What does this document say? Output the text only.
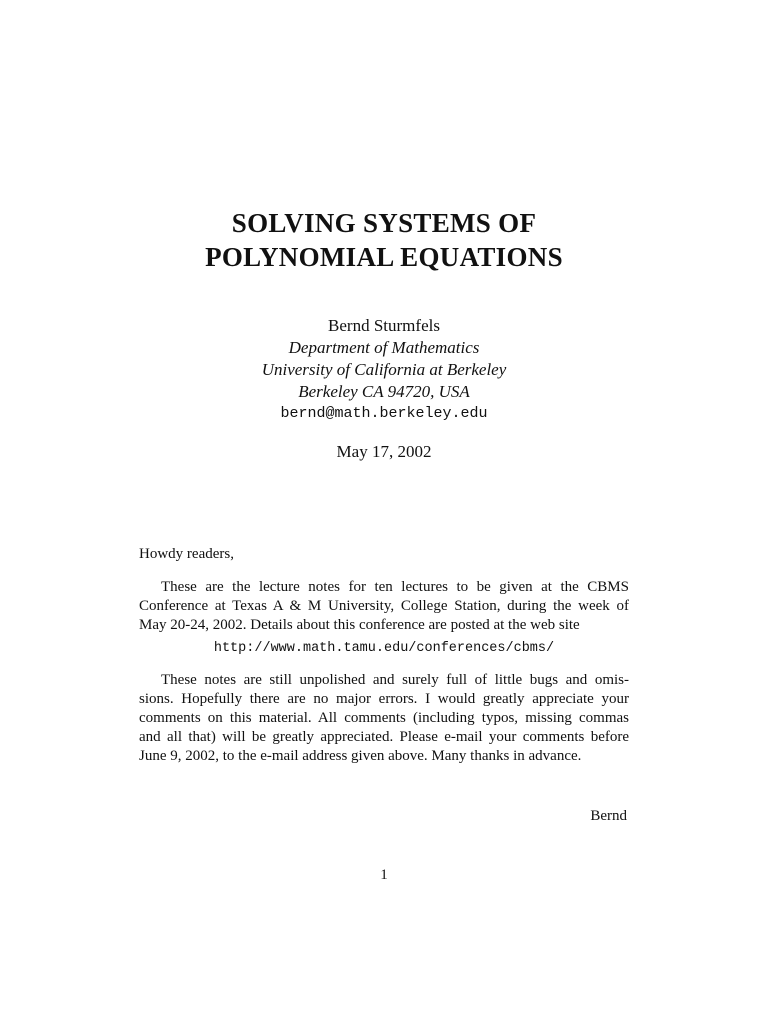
SOLVING SYSTEMS OF
POLYNOMIAL EQUATIONS
Bernd Sturmfels
Department of Mathematics
University of California at Berkeley
Berkeley CA 94720, USA
bernd@math.berkeley.edu
May 17, 2002
Howdy readers,
These are the lecture notes for ten lectures to be given at the CBMS
Conference at Texas A & M University, College Station, during the week of
May 20-24, 2002. Details about this conference are posted at the web site
http://www.math.tamu.edu/conferences/cbms/
These notes are still unpolished and surely full of little bugs and omis-
sions. Hopefully there are no major errors. I would greatly appreciate your
comments on this material. All comments (including typos, missing commas
and all that) will be greatly appreciated. Please e-mail your comments before
June 9, 2002, to the e-mail address given above. Many thanks in advance.
Bernd
1
